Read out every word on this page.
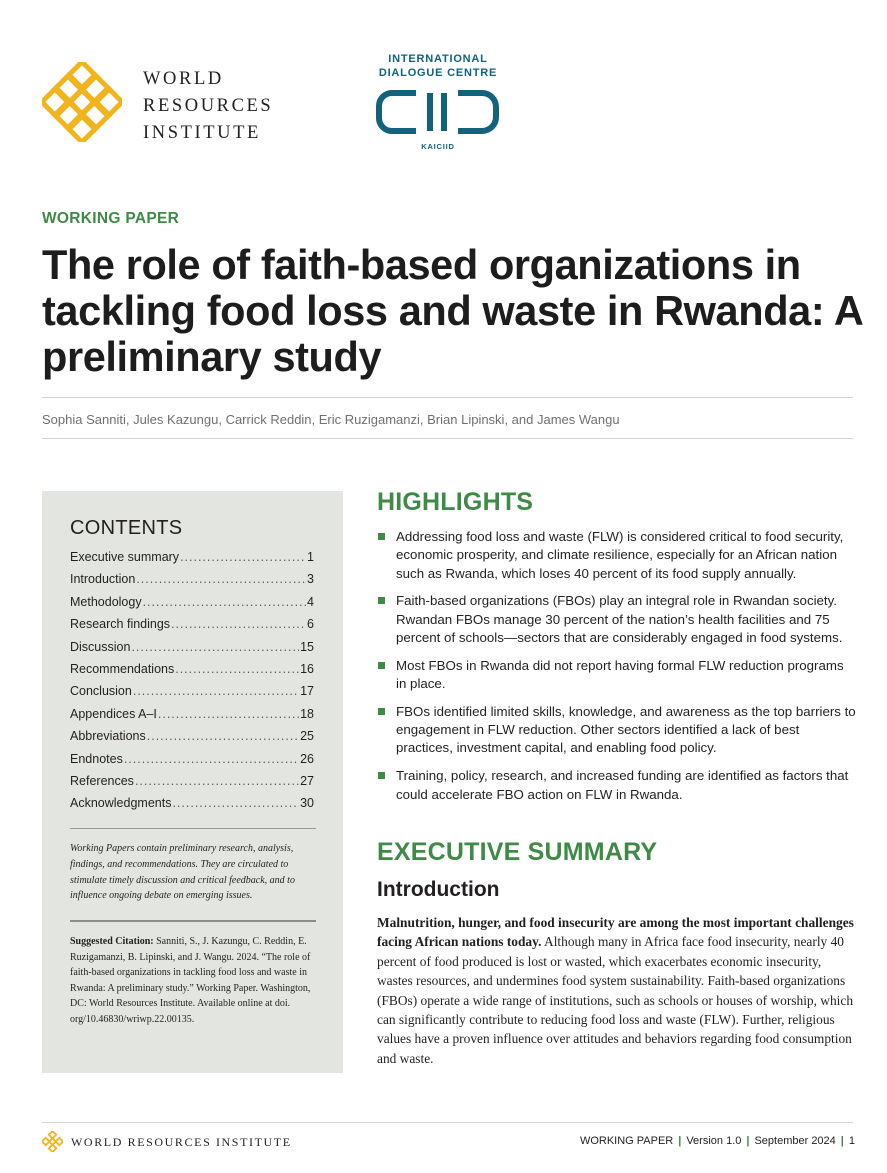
WORLD
RESOURCES
INSTITUTE
INTERNATIONAL
DIALOGUE CENTRE
KAICIID
WORKING PAPER
The role of faith-based organizations in tackling food loss and waste in Rwanda: A preliminary study
Sophia Sanniti, Jules Kazungu, Carrick Reddin, Eric Ruzigamanzi, Brian Lipinski, and James Wangu
CONTENTS
Executive summary .....	1
Introduction .....	3
Methodology .....	4
Research findings .....	6
Discussion .....	15
Recommendations .....	16
Conclusion .....	17
Appendices A–I .....	18
Abbreviations .....	25
Endnotes .....	26
References .....	27
Acknowledgments .....	30
Working Papers contain preliminary research, analysis, findings, and recommendations. They are circulated to stimulate timely discussion and critical feedback, and to influence ongoing debate on emerging issues.
Suggested Citation: Sanniti, S., J. Kazungu, C. Reddin, E. Ruzigamanzi, B. Lipinski, and J. Wangu. 2024. “The role of faith-based organizations in tackling food loss and waste in Rwanda: A preliminary study.” Working Paper. Washington, DC: World Resources Institute. Available online at doi. org/10.46830/wriwp.22.00135.
HIGHLIGHTS
Addressing food loss and waste (FLW) is considered critical to food security, economic prosperity, and climate resilience, especially for an African nation such as Rwanda, which loses 40 percent of its food supply annually.
Faith-based organizations (FBOs) play an integral role in Rwandan society. Rwandan FBOs manage 30 percent of the nation’s health facilities and 75 percent of schools—sectors that are considerably engaged in food systems.
Most FBOs in Rwanda did not report having formal FLW reduction programs in place.
FBOs identified limited skills, knowledge, and awareness as the top barriers to engagement in FLW reduction. Other sectors identified a lack of best practices, investment capital, and enabling food policy.
Training, policy, research, and increased funding are identified as factors that could accelerate FBO action on FLW in Rwanda.
EXECUTIVE SUMMARY
Introduction

Malnutrition, hunger, and food insecurity are among the most important challenges facing African nations today. Although many in Africa face food insecurity, nearly 40 percent of food produced is lost or wasted, which exacerbates economic insecurity, wastes resources, and undermines food system sustainability. Faith-based organizations (FBOs) operate a wide range of institutions, such as schools or houses of worship, which can significantly contribute to reducing food loss and waste (FLW). Further, religious values have a proven influence over attitudes and behaviors regarding food consumption and waste.

WORLD RESOURCES INSTITUTE	WORKING PAPER | Version 1.0 | September 2024 | 1
